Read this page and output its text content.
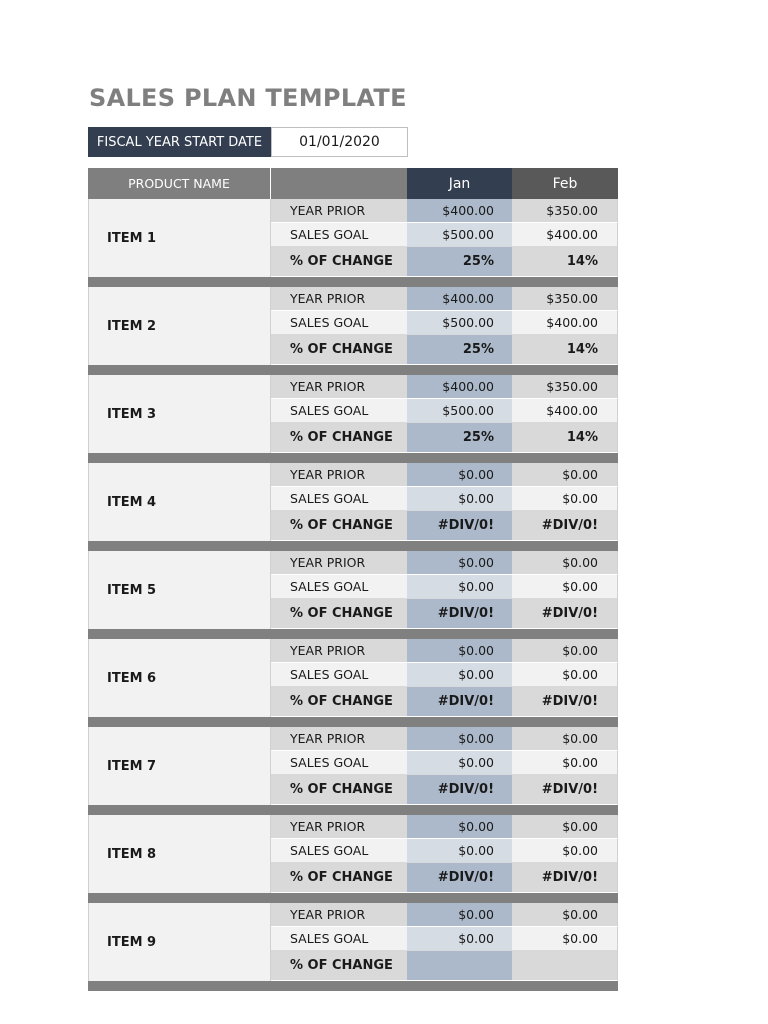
SALES PLAN TEMPLATE
FISCAL YEAR START DATE	01/01/2020
PRODUCT NAME	Jan	Feb
ITEM 1
YEAR PRIOR	$400.00	$350.00
SALES GOAL	$500.00	$400.00
% OF CHANGE	25%	14%
ITEM 2
YEAR PRIOR	$400.00	$350.00
SALES GOAL	$500.00	$400.00
% OF CHANGE	25%	14%
ITEM 3
YEAR PRIOR	$400.00	$350.00
SALES GOAL	$500.00	$400.00
% OF CHANGE	25%	14%
ITEM 4
YEAR PRIOR	$0.00	$0.00
SALES GOAL	$0.00	$0.00
% OF CHANGE	#DIV/0!	#DIV/0!
ITEM 5
YEAR PRIOR	$0.00	$0.00
SALES GOAL	$0.00	$0.00
% OF CHANGE	#DIV/0!	#DIV/0!
ITEM 6
YEAR PRIOR	$0.00	$0.00
SALES GOAL	$0.00	$0.00
% OF CHANGE	#DIV/0!	#DIV/0!
ITEM 7
YEAR PRIOR	$0.00	$0.00
SALES GOAL	$0.00	$0.00
% OF CHANGE	#DIV/0!	#DIV/0!
ITEM 8
YEAR PRIOR	$0.00	$0.00
SALES GOAL	$0.00	$0.00
% OF CHANGE	#DIV/0!	#DIV/0!
ITEM 9
YEAR PRIOR	$0.00	$0.00
SALES GOAL	$0.00	$0.00
% OF CHANGE
